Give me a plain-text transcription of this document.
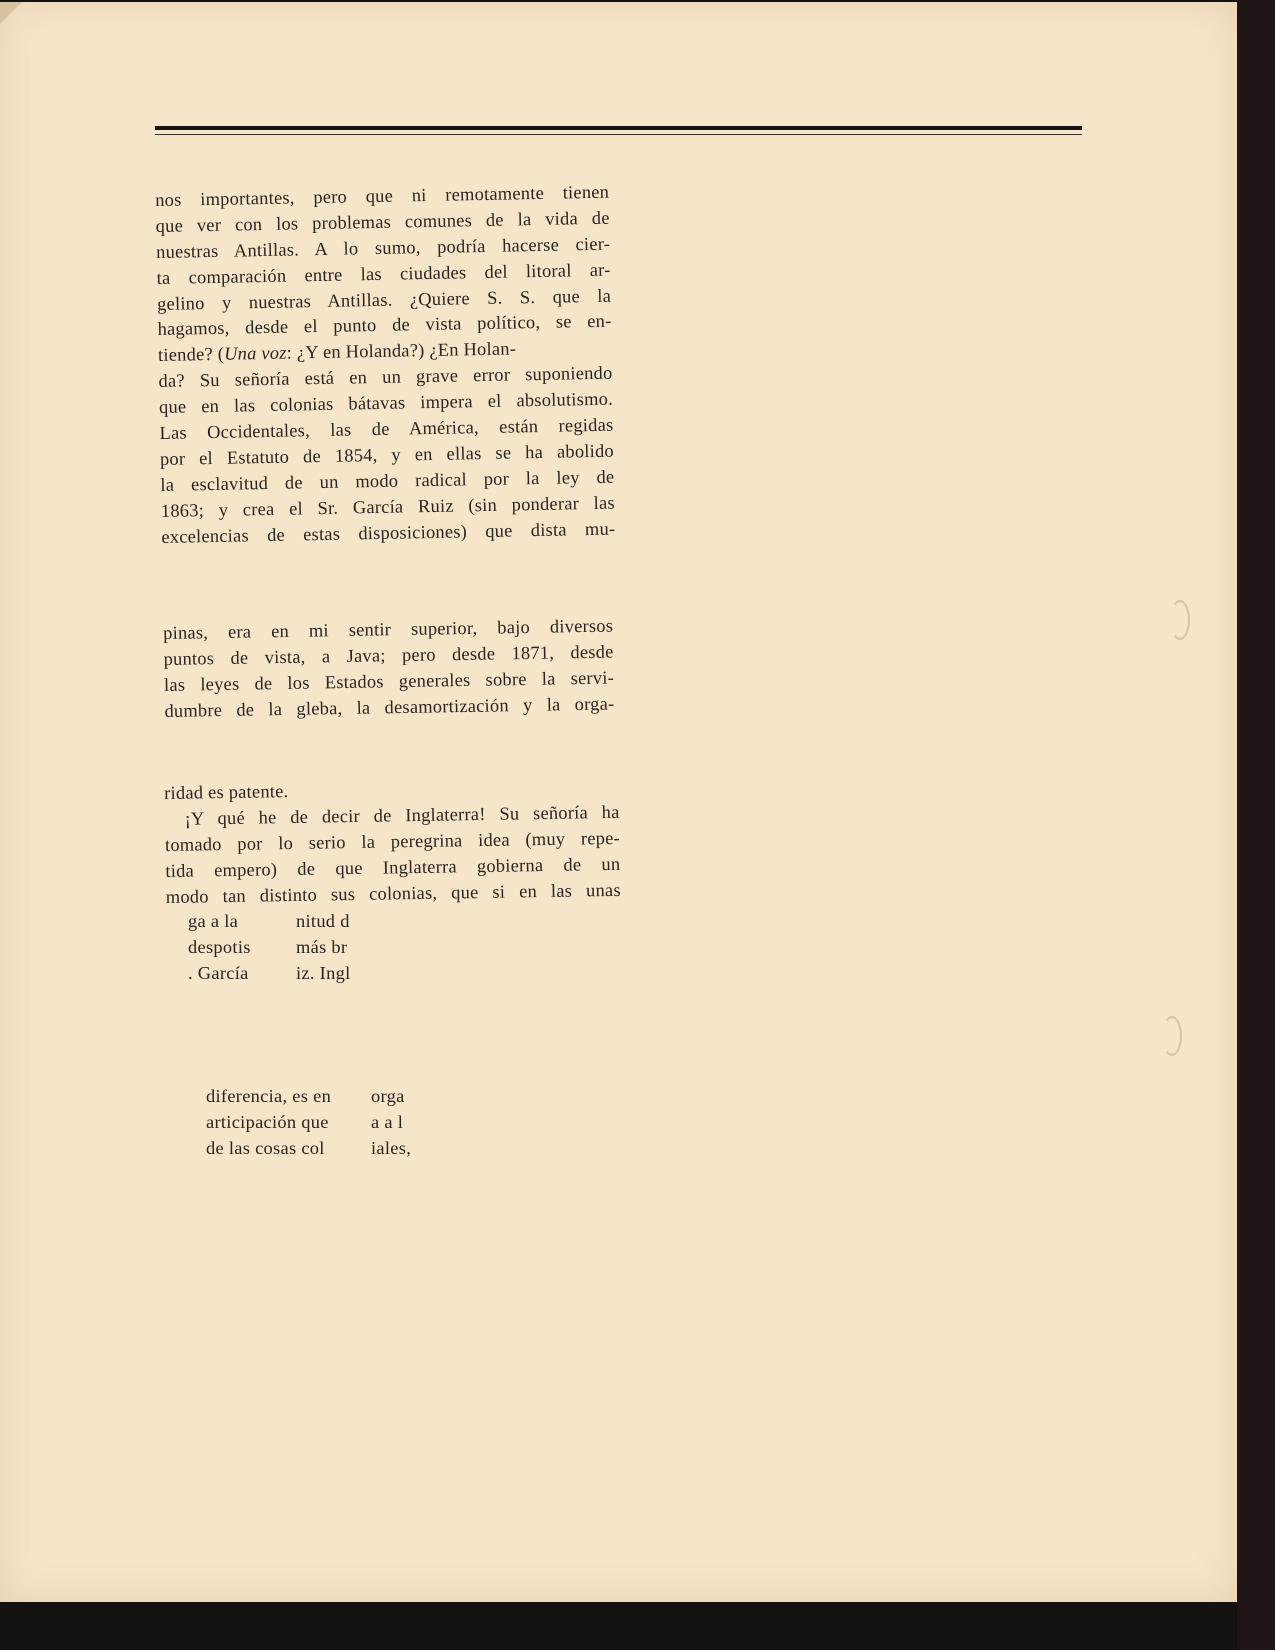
nos importantes, pero que ni remotamente tienen
que ver con los problemas comunes de la vida de
nuestras Antillas. A lo sumo, podría hacerse cier-
ta comparación entre las ciudades del litoral ar-
gelino y nuestras Antillas. ¿Quiere S. S. que la
hagamos, desde el punto de vista político, se en-
tiende? (Una voz: ¿Y en Holanda?) ¿En Holan-
da? Su señoría está en un grave error suponiendo
que en las colonias bátavas impera el absolutismo.
Las Occidentales, las de América, están regidas
por el Estatuto de 1854, y en ellas se ha abolido
la esclavitud de un modo radical por la ley de
1863; y crea el Sr. García Ruiz (sin ponderar las
excelencias de estas disposiciones) que dista mu-
pinas, era en mi sentir superior, bajo diversos
puntos de vista, a Java; pero desde 1871, desde
las leyes de los Estados generales sobre la servi-
dumbre de la gleba, la desamortización y la orga-
ridad es patente.
¡Y qué he de decir de Inglaterra! Su señoría ha
tomado por lo serio la peregrina idea (muy repe-
tida empero) de que Inglaterra gobierna de un
modo tan distinto sus colonias, que si en las unas
ga a la
despotis
. García
nitud d
más br
iz. Ingl
diferencia, es en
articipación que
de las cosas col
orga
a a l
iales,
